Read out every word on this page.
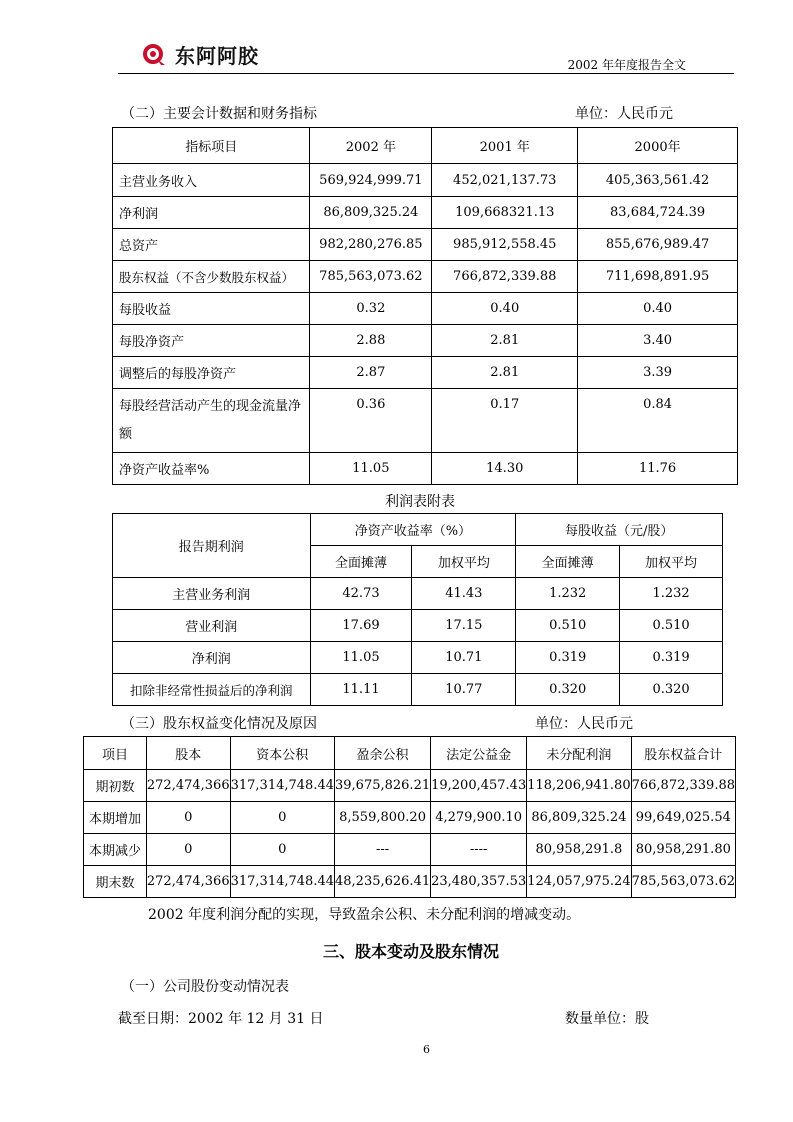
东阿阿胶	2002 年年度报告全文
（二）主要会计数据和财务指标	单位：人民币元
指标项目	2002 年	2001 年	2000年
主营业务收入	569,924,999.71	452,021,137.73	405,363,561.42
净利润	86,809,325.24	109,668321.13	83,684,724.39
总资产	982,280,276.85	985,912,558.45	855,676,989.47
股东权益（不含少数股东权益）	785,563,073.62	766,872,339.88	711,698,891.95
每股收益	0.32	0.40	0.40
每股净资产	2.88	2.81	3.40
调整后的每股净资产	2.87	2.81	3.39
每股经营活动产生的现金流量净额	0.36	0.17	0.84
净资产收益率%	11.05	14.30	11.76
利润表附表
报告期利润	净资产收益率（%）		每股收益（元/股）	
	全面摊薄	加权平均	全面摊薄	加权平均
主营业务利润	42.73	41.43	1.232	1.232
营业利润	17.69	17.15	0.510	0.510
净利润	11.05	10.71	0.319	0.319
扣除非经常性损益后的净利润	11.11	10.77	0.320	0.320
（三）股东权益变化情况及原因	单位：人民币元
项目	股本	资本公积	盈余公积	法定公益金	未分配利润	股东权益合计
期初数	272,474,366	317,314,748.44	39,675,826.21	19,200,457.43	118,206,941.80	766,872,339.88
本期增加	0	0	8,559,800.20	4,279,900.10	86,809,325.24	99,649,025.54
本期减少	0	0	---	----	80,958,291.8	80,958,291.80
期末数	272,474,366	317,314,748.44	48,235,626.41	23,480,357.53	124,057,975.24	785,563,073.62
2002 年度利润分配的实现，导致盈余公积、未分配利润的增减变动。
三、股本变动及股东情况
（一）公司股份变动情况表
截至日期：2002 年 12 月 31 日	数量单位：股
6
